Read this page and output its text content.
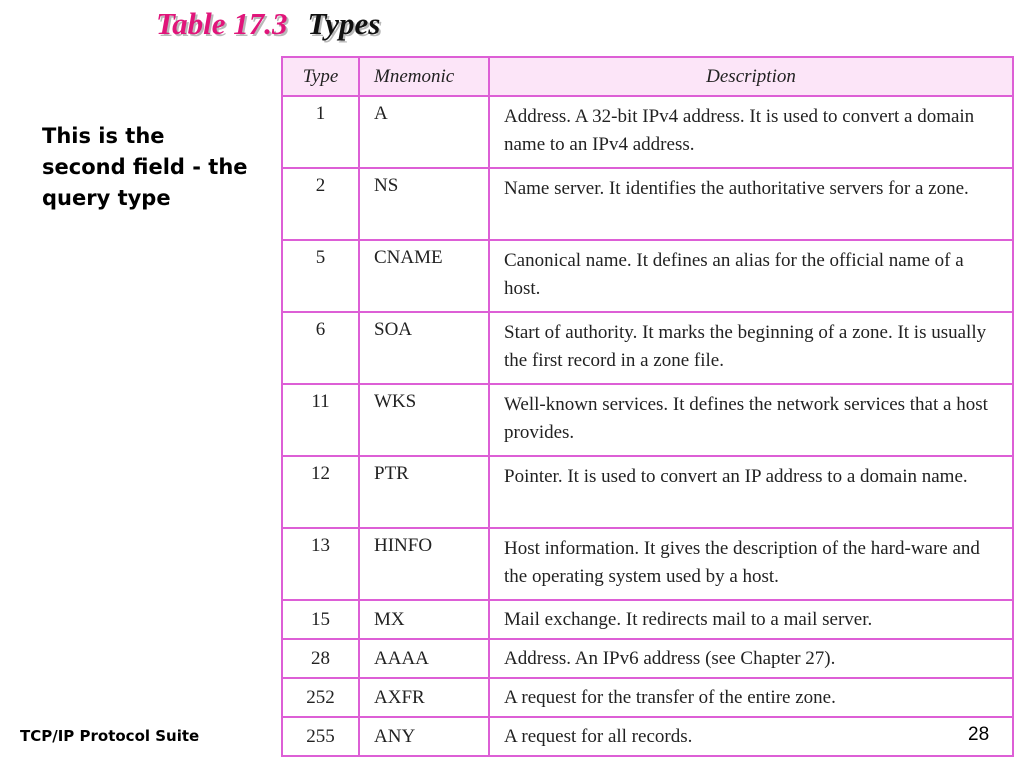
Table 17.3 Types
This is the second field - the query type
Type	Mnemonic	Description
1	A	Address. A 32-bit IPv4 address. It is used to convert a domain name to an IPv4 address.
2	NS	Name server. It identifies the authoritative servers for a zone.
5	CNAME	Canonical name. It defines an alias for the official name of a host.
6	SOA	Start of authority. It marks the beginning of a zone. It is usually the first record in a zone file.
11	WKS	Well-known services. It defines the network services that a host provides.
12	PTR	Pointer. It is used to convert an IP address to a domain name.
13	HINFO	Host information. It gives the description of the hard-ware and the operating system used by a host.
15	MX	Mail exchange. It redirects mail to a mail server.
28	AAAA	Address. An IPv6 address (see Chapter 27).
252	AXFR	A request for the transfer of the entire zone.
255	ANY	A request for all records.
TCP/IP Protocol Suite	28
